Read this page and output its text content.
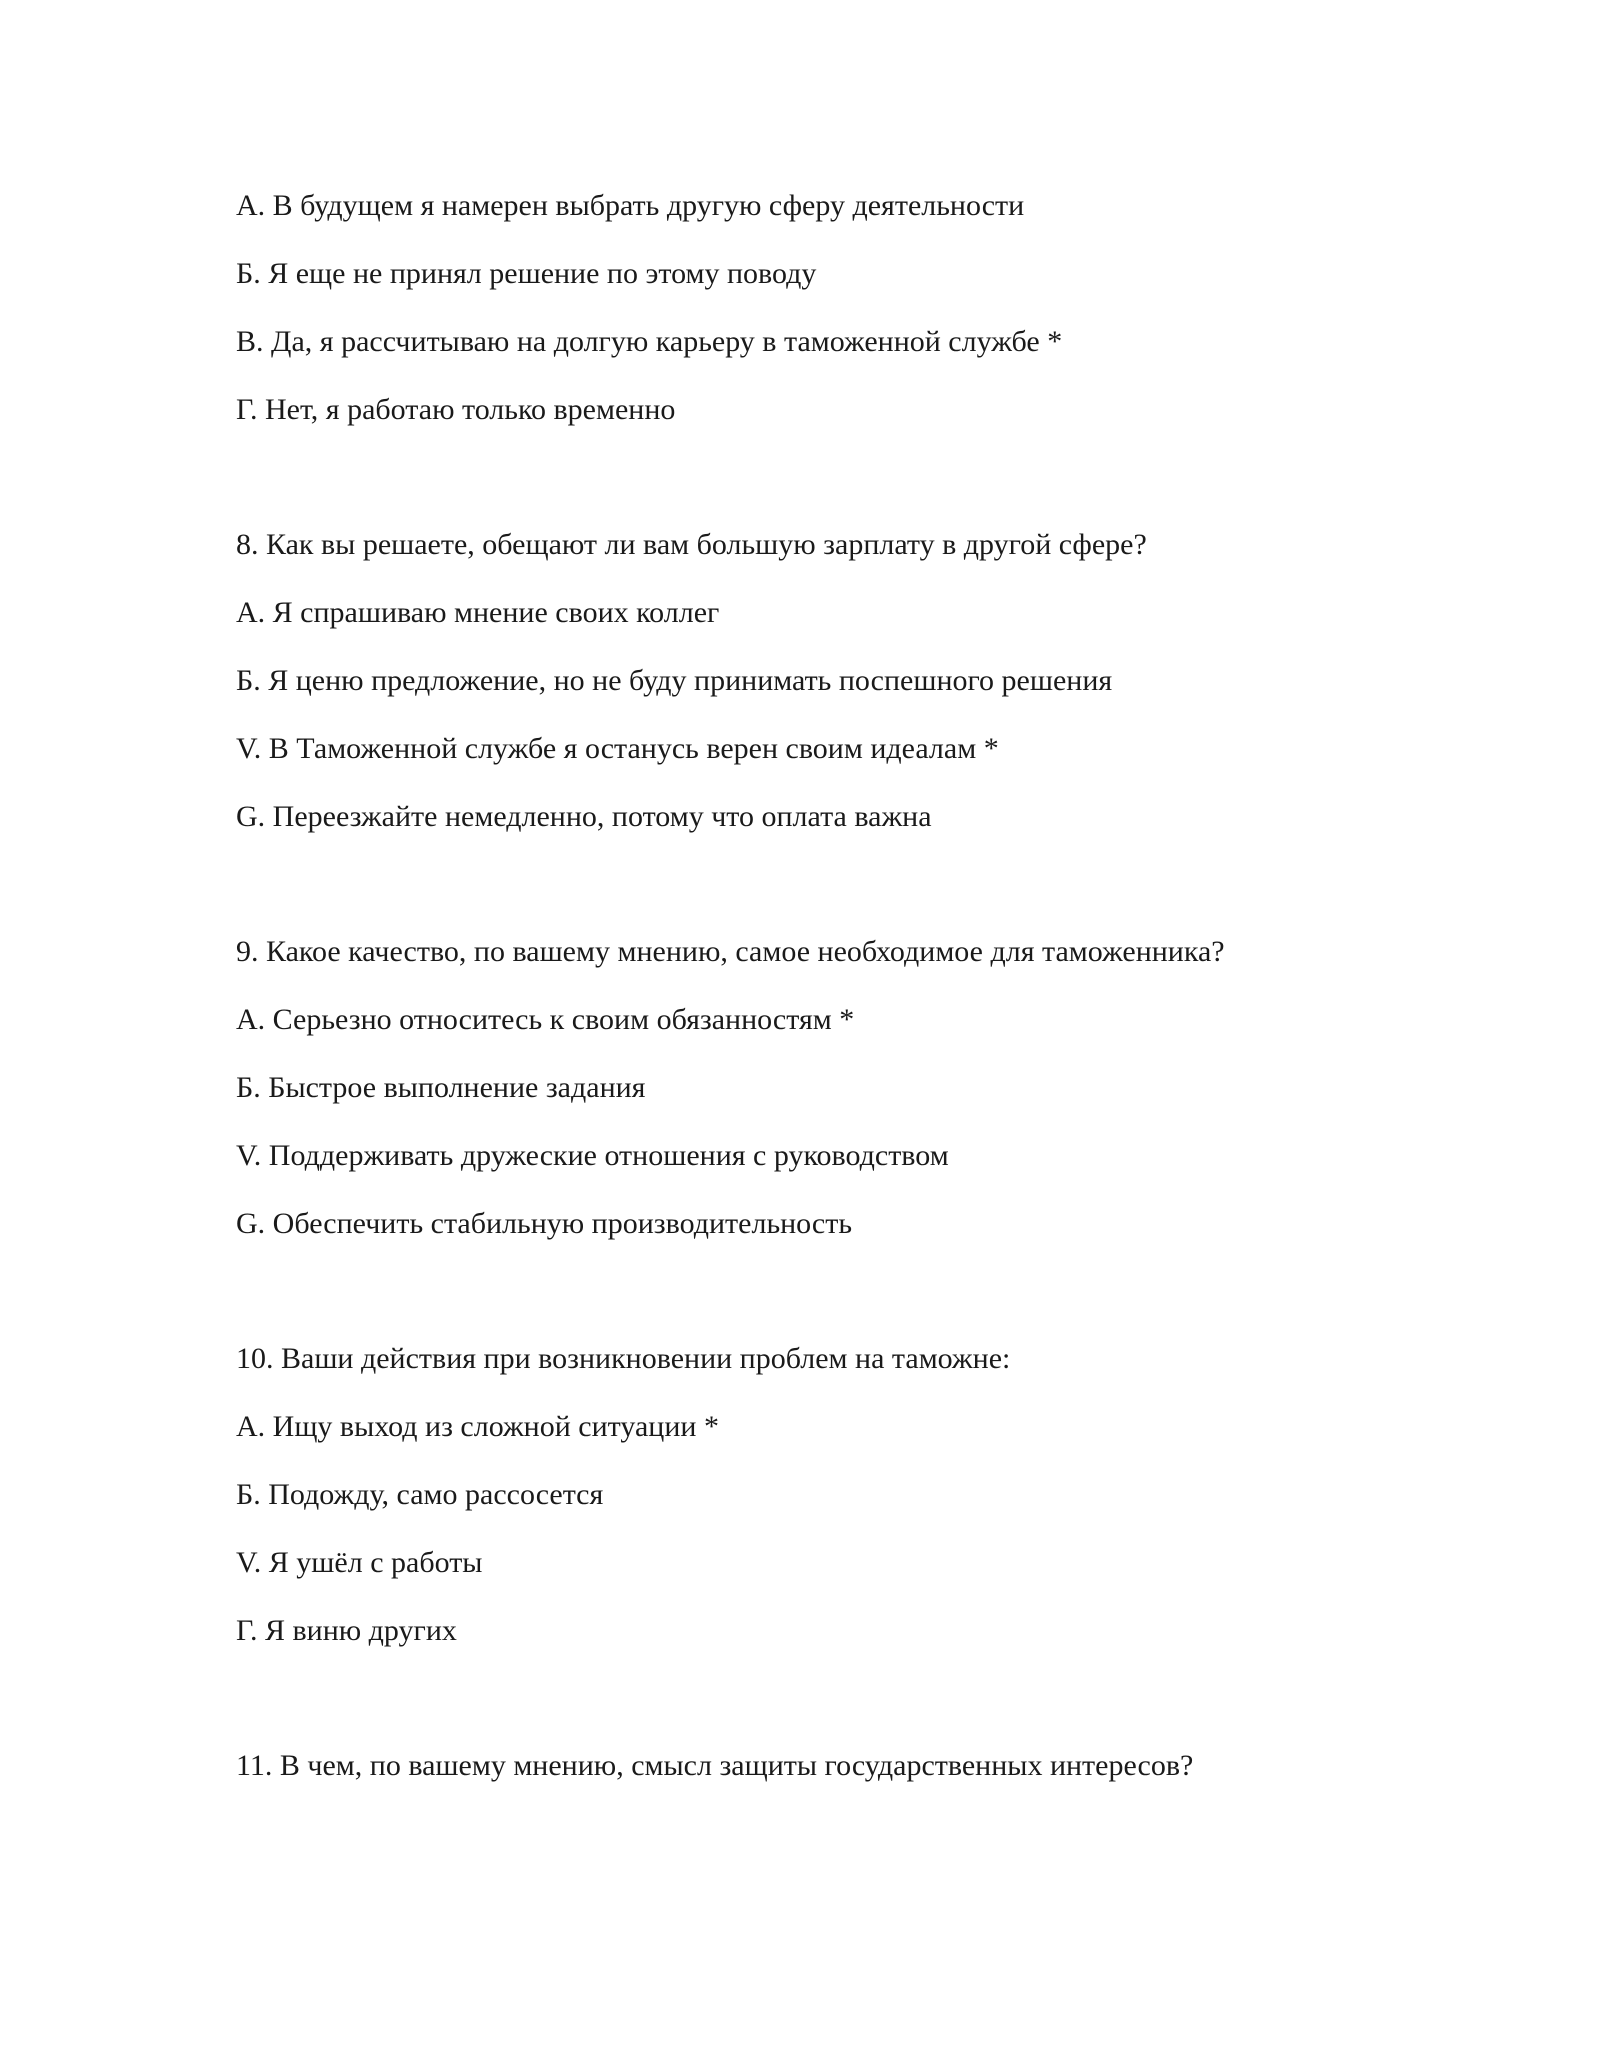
А. В будущем я намерен выбрать другую сферу деятельности
Б. Я еще не принял решение по этому поводу
В. Да, я рассчитываю на долгую карьеру в таможенной службе *
Г. Нет, я работаю только временно
8. Как вы решаете, обещают ли вам большую зарплату в другой сфере?
А. Я спрашиваю мнение своих коллег
Б. Я ценю предложение, но не буду принимать поспешного решения
V. В Таможенной службе я останусь верен своим идеалам *
G. Переезжайте немедленно, потому что оплата важна
9. Какое качество, по вашему мнению, самое необходимое для таможенника?
А. Серьезно относитесь к своим обязанностям *
Б. Быстрое выполнение задания
V. Поддерживать дружеские отношения с руководством
G. Обеспечить стабильную производительность
10. Ваши действия при возникновении проблем на таможне:
А. Ищу выход из сложной ситуации *
Б. Подожду, само рассосется
V. Я ушёл с работы
Г. Я виню других
11. В чем, по вашему мнению, смысл защиты государственных интересов?
